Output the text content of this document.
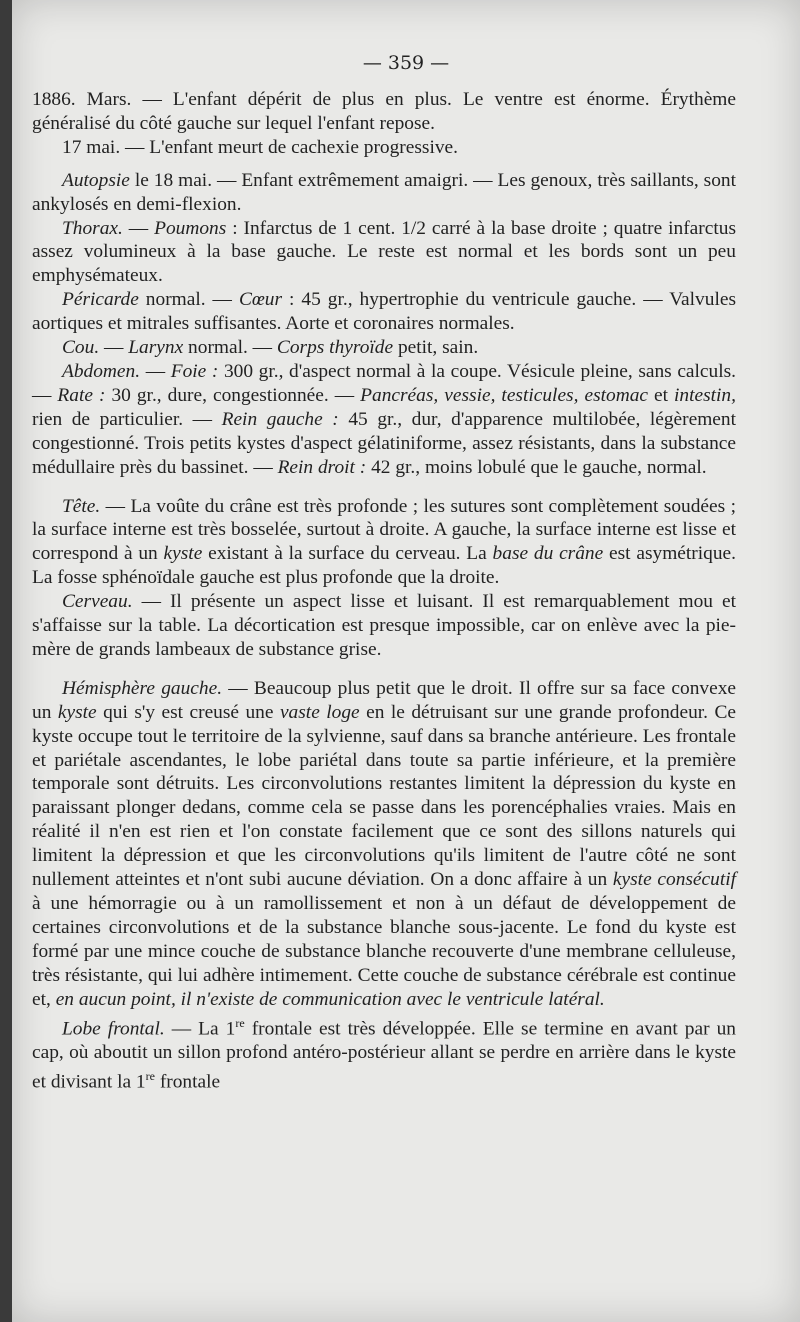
— 359 —

1886. Mars. — L'enfant dépérit de plus en plus. Le ventre est énorme. Érythème généralisé du côté gauche sur lequel l'enfant repose.

17 mai. — L'enfant meurt de cachexie progressive.

Autopsie le 18 mai. — Enfant extrêmement amaigri. — Les genoux, très saillants, sont ankylosés en demi-flexion.

Thorax. — Poumons : Infarctus de 1 cent. 1/2 carré à la base droite ; quatre infarctus assez volumineux à la base gauche. Le reste est normal et les bords sont un peu emphysémateux.

Péricarde normal. — Cœur : 45 gr., hypertrophie du ventricule gauche. — Valvules aortiques et mitrales suffisantes. Aorte et coronaires normales.

Cou. — Larynx normal. — Corps thyroïde petit, sain.

Abdomen. — Foie : 300 gr., d'aspect normal à la coupe. Vésicule pleine, sans calculs. — Rate : 30 gr., dure, congestionnée. — Pancréas, vessie, testicules, estomac et intestin, rien de particulier. — Rein gauche : 45 gr., dur, d'apparence multilobée, légèrement congestionné. Trois petits kystes d'aspect gélatiniforme, assez résistants, dans la substance médullaire près du bassinet. — Rein droit : 42 gr., moins lobulé que le gauche, normal.

Tête. — La voûte du crâne est très profonde ; les sutures sont complètement soudées ; la surface interne est très bosselée, surtout à droite. A gauche, la surface interne est lisse et correspond à un kyste existant à la surface du cerveau. La base du crâne est asymétrique. La fosse sphénoïdale gauche est plus profonde que la droite.

Cerveau. — Il présente un aspect lisse et luisant. Il est remarquablement mou et s'affaisse sur la table. La décortication est presque impossible, car on enlève avec la pie-mère de grands lambeaux de substance grise.

Hémisphère gauche. — Beaucoup plus petit que le droit. Il offre sur sa face convexe un kyste qui s'y est creusé une vaste loge en le détruisant sur une grande profondeur. Ce kyste occupe tout le territoire de la sylvienne, sauf dans sa branche antérieure. Les frontale et pariétale ascendantes, le lobe pariétal dans toute sa partie inférieure, et la première temporale sont détruits. Les circonvolutions restantes limitent la dépression du kyste en paraissant plonger dedans, comme cela se passe dans les porencéphalies vraies. Mais en réalité il n'en est rien et l'on constate facilement que ce sont des sillons naturels qui limitent la dépression et que les circonvolutions qu'ils limitent de l'autre côté ne sont nullement atteintes et n'ont subi aucune déviation. On a donc affaire à un kyste consécutif à une hémorragie ou à un ramollissement et non à un défaut de développement de certaines circonvolutions et de la substance blanche sous-jacente. Le fond du kyste est formé par une mince couche de substance blanche recouverte d'une membrane celluleuse, très résistante, qui lui adhère intimement. Cette couche de substance cérébrale est continue et, en aucun point, il n'existe de communication avec le ventricule latéral.

Lobe frontal. — La 1re frontale est très développée. Elle se termine en avant par un cap, où aboutit un sillon profond antéro-postérieur allant se perdre en arrière dans le kyste et divisant la 1re frontale
